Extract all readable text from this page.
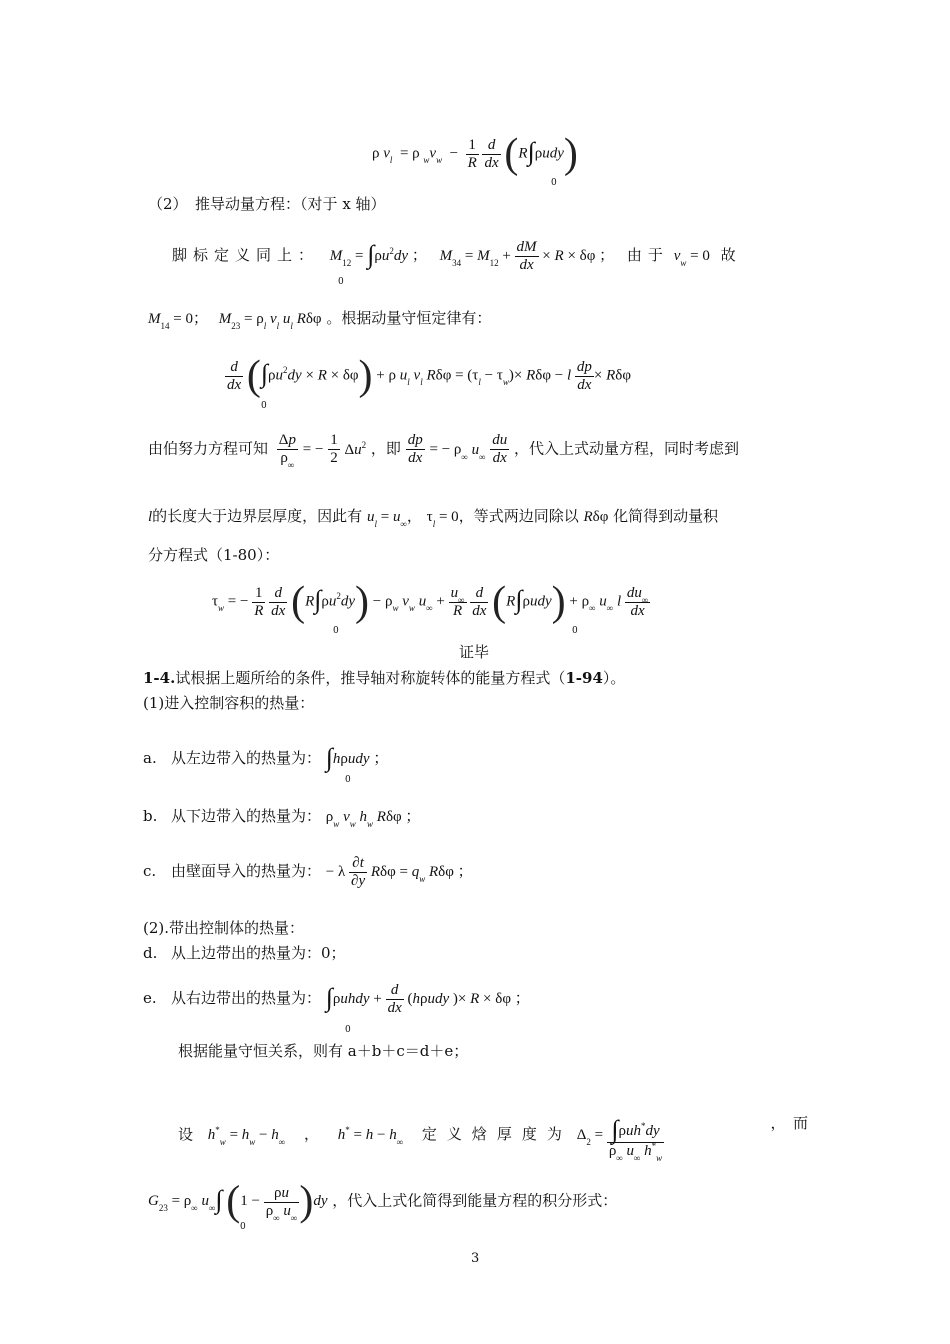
ρ $v_l = \rho$ $_wv_w - \frac{1}{R}$
$\frac{d}{dx} (R\int\rho udy)$
0
（2）　推导动量方程：（对于 x 轴）
脚标定义同上： $M_{12} = \int\rho u^2dy$ ； $M_{34} = M_{12} + \frac{dM}{dx} \times R \times \delta\varphi$ ； 由于 $v_w = 0$ 故
0
$M_{14} = 0$； $M_{23} = \rho_l$ $v_l$ $u_l$ Rδφ 。根据动量守恒定律有：
$\frac{d}{dx} (\int\rho u^2dy \times R \times \delta\varphi) + \rho$ $u_l$ $v_l$ $R\delta\varphi = (\tau_l - \tau_w)\times R\delta\varphi - l \frac{dp}{dx} \times R\delta\varphi$
0
由伯努力方程可知 $\frac{\Delta p}{\rho_\infty}$ = − $\frac{1}{2} \Delta u^2$ ，即 $\frac{dp}{dx}$ = − $\rho_\infty$ $u_\infty \frac{du}{dx}$ ，代入上式动量方程，同时考虑到
l的长度大于边界层厚度，因此有 $u_l = u_\infty$， $\tau_l = 0$，等式两边同除以 Rδφ 化简得到动量积
分方程式（1-80）：
$\tau_w$ = − $\frac{1}{R}$
$\frac{d}{dx} (R\int\rho u^2dy) - \rho_w$ $v_w$ $u_\infty + \frac{u_\infty}{R}$
$\frac{d}{dx} (R\int\rho udy) + \rho_\infty$ $u_\infty$ l $\frac{du_\infty}{dx}$
0	0
证毕
1-4.试根据上题所给的条件，推导轴对称旋转体的能量方程式（1-94）。
(1)进入控制容积的热量：
a. 从左边带入的热量为： ∫hρudy ；
0
b. 从下边带入的热量为： $\rho_w$ $v_w$ $h_w$ Rδφ ；
c. 由壁面导入的热量为： − λ $\frac{\partial t}{\partial y}$ $R\delta\varphi = q_w$ Rδφ ；
(2).带出控制体的热量：
d. 从上边带出的热量为：0；
e. 从右边带出的热量为： ∫ρuhdy + $\frac{d}{dx} (h\rho udy$ )× R × δφ ；
0
根据能量守恒关系，则有 a＋b＋c＝d＋e；
设 $h^*_w = h_w - h_\infty$ ， $h^* = h - h_\infty$ 定义焓厚度为 $\Delta_2 = \frac{\int\rho uh^*dy}{\rho_\infty u_\infty h^*_w}$	，　而
$G_{23} = \rho_\infty$ $u_\infty\int$ $(1 - \frac{\rho u}{\rho_\infty u_\infty} )dy$ ，代入上式化简得到能量方程的积分形式：
0
3
